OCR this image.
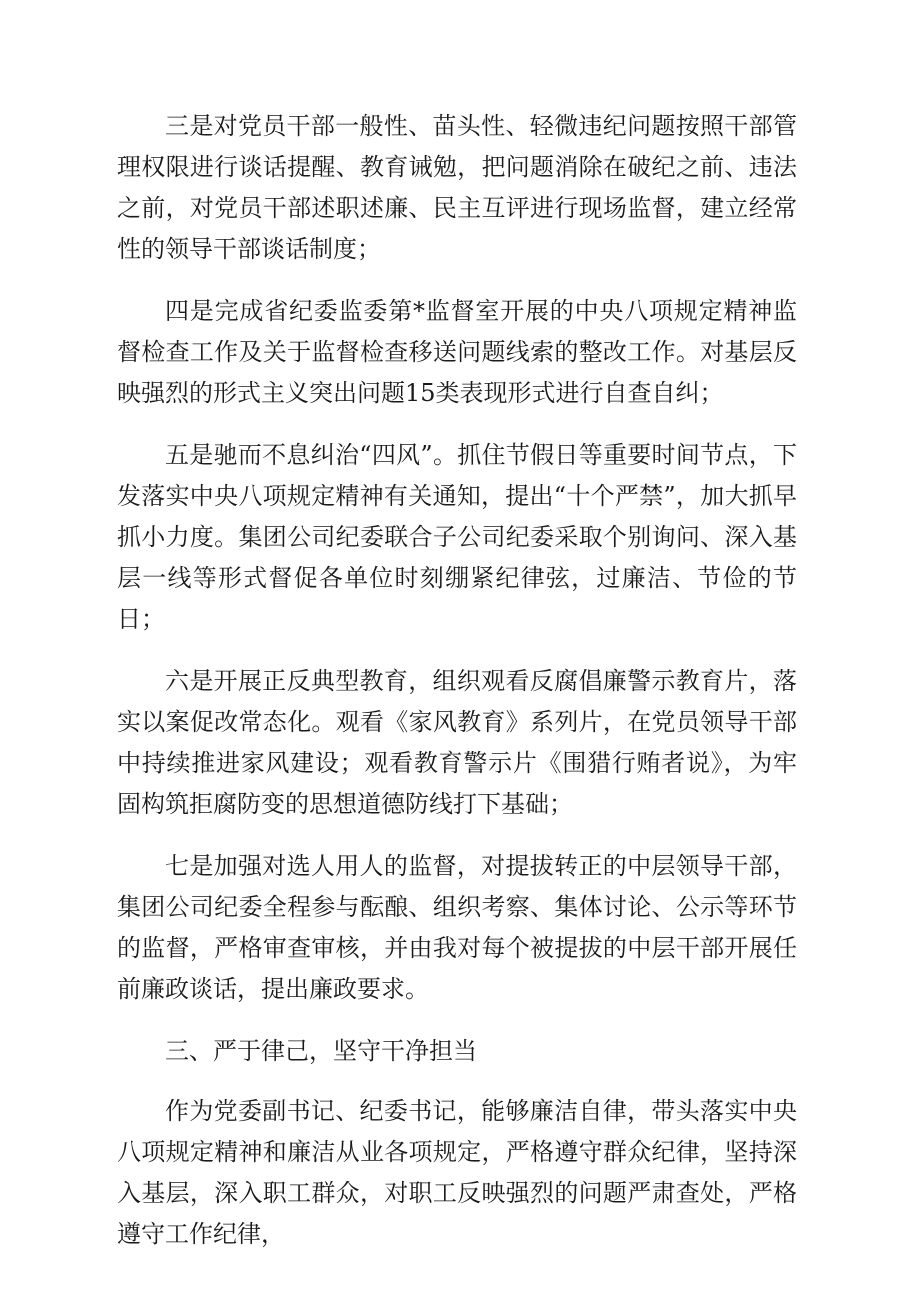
三是对党员干部一般性、苗头性、轻微违纪问题按照干部管理权限进行谈话提醒、教育诫勉，把问题消除在破纪之前、违法之前，对党员干部述职述廉、民主互评进行现场监督，建立经常性的领导干部谈话制度；

四是完成省纪委监委第*监督室开展的中央八项规定精神监督检查工作及关于监督检查移送问题线索的整改工作。对基层反映强烈的形式主义突出问题15类表现形式进行自查自纠；

五是驰而不息纠治“四风”。抓住节假日等重要时间节点，下发落实中央八项规定精神有关通知，提出“十个严禁”，加大抓早抓小力度。集团公司纪委联合子公司纪委采取个别询问、深入基层一线等形式督促各单位时刻绷紧纪律弦，过廉洁、节俭的节日；

六是开展正反典型教育，组织观看反腐倡廉警示教育片，落实以案促改常态化。观看《家风教育》系列片，在党员领导干部中持续推进家风建设；观看教育警示片《围猎行贿者说》，为牢固构筑拒腐防变的思想道德防线打下基础；

七是加强对选人用人的监督，对提拔转正的中层领导干部，集团公司纪委全程参与酝酿、组织考察、集体讨论、公示等环节的监督，严格审查审核，并由我对每个被提拔的中层干部开展任前廉政谈话，提出廉政要求。

三、严于律己，坚守干净担当

作为党委副书记、纪委书记，能够廉洁自律，带头落实中央八项规定精神和廉洁从业各项规定，严格遵守群众纪律，坚持深入基层，深入职工群众，对职工反映强烈的问题严肃查处，严格遵守工作纪律，
